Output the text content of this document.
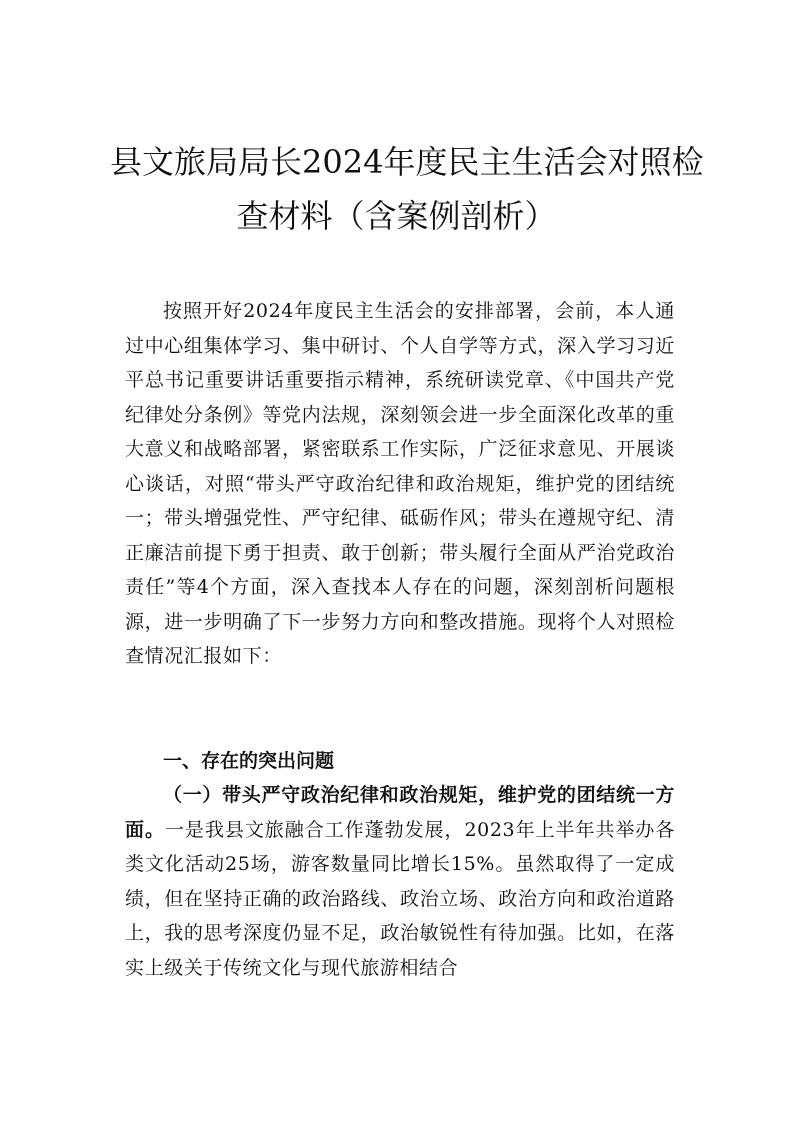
县文旅局局长2024年度民主生活会对照检
查材料（含案例剖析）

按照开好2024年度民主生活会的安排部署，会前，本人通过中心组集体学习、集中研讨、个人自学等方式，深入学习习近平总书记重要讲话重要指示精神，系统研读党章、《中国共产党纪律处分条例》等党内法规，深刻领会进一步全面深化改革的重大意义和战略部署，紧密联系工作实际，广泛征求意见、开展谈心谈话，对照“带头严守政治纪律和政治规矩，维护党的团结统一；带头增强党性、严守纪律、砥砺作风；带头在遵规守纪、清正廉洁前提下勇于担责、敢于创新；带头履行全面从严治党政治责任”等4个方面，深入查找本人存在的问题，深刻剖析问题根源，进一步明确了下一步努力方向和整改措施。现将个人对照检查情况汇报如下：

一、存在的突出问题

（一）带头严守政治纪律和政治规矩，维护党的团结统一方面。一是我县文旅融合工作蓬勃发展，2023年上半年共举办各类文化活动25场，游客数量同比增长15%。虽然取得了一定成绩，但在坚持正确的政治路线、政治立场、政治方向和政治道路上，我的思考深度仍显不足，政治敏锐性有待加强。比如，在落实上级关于传统文化与现代旅游相结合
